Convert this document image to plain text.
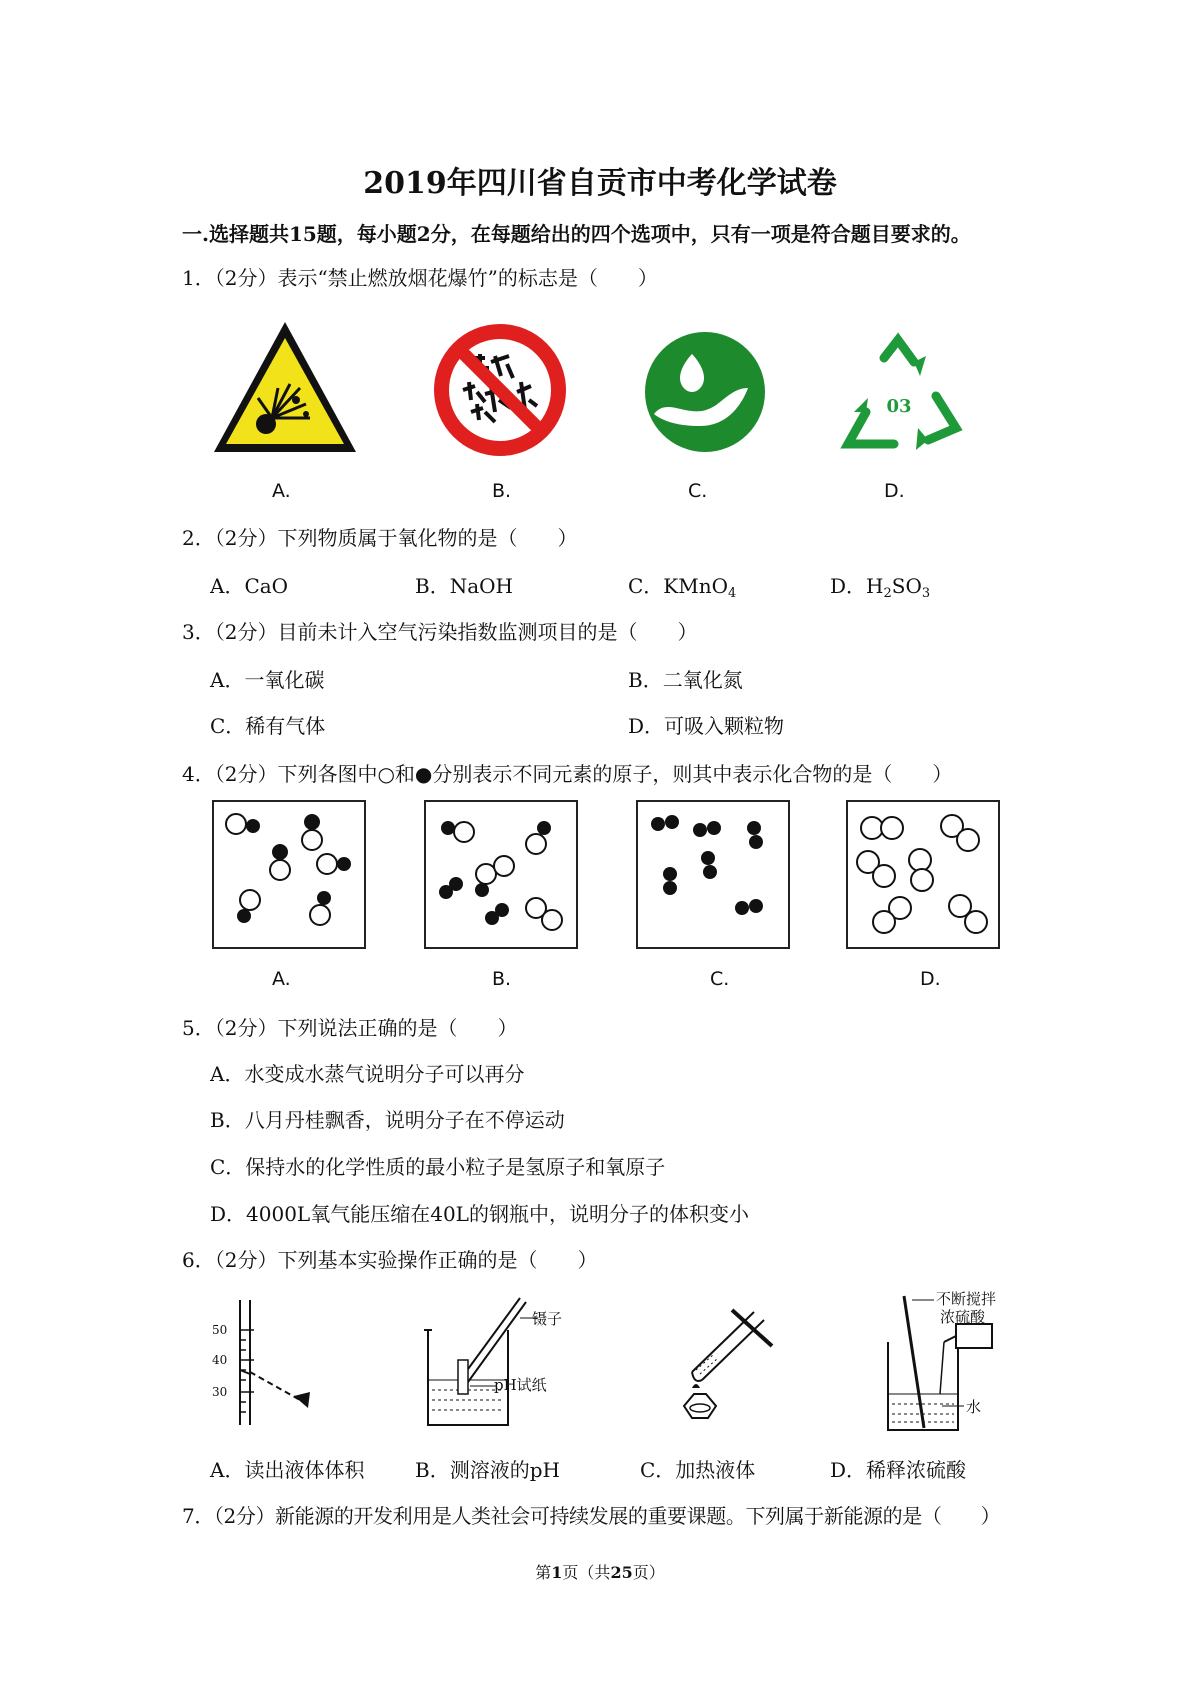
2019年四川省自贡市中考化学试卷
一.选择题共15题，每小题2分，在每题给出的四个选项中，只有一项是符合题目要求的。
1．（2分）表示“禁止燃放烟花爆竹”的标志是（　　）
A.	B.	C.
03
D.
2．（2分）下列物质属于氧化物的是（　　）
A．CaO	B．NaOH	C．KMnO$_4$	D．$H_2SO_3$
3．（2分）目前未计入空气污染指数监测项目的是（　　）
A．一氧化碳	B．二氧化氮
C．稀有气体	D．可吸入颗粒物
4．（2分）下列各图中○和●分别表示不同元素的原子，则其中表示化合物的是（　　）
A.	B.	C.	D.
5．（2分）下列说法正确的是（　　）
A．水变成水蒸气说明分子可以再分
B．八月丹桂飘香，说明分子在不停运动
C．保持水的化学性质的最小粒子是氢原子和氧原子
D．4000L氧气能压缩在40L的钢瓶中，说明分子的体积变小
6．（2分）下列基本实验操作正确的是（　　）
50
40
30
镊子
pH试纸
不断搅拌
浓硫酸
水
A．读出液体体积	B．测溶液的pH	C．加热液体	D．稀释浓硫酸
7．（2分）新能源的开发利用是人类社会可持续发展的重要课题。下列属于新能源的是（　　）
第1页（共25页）
